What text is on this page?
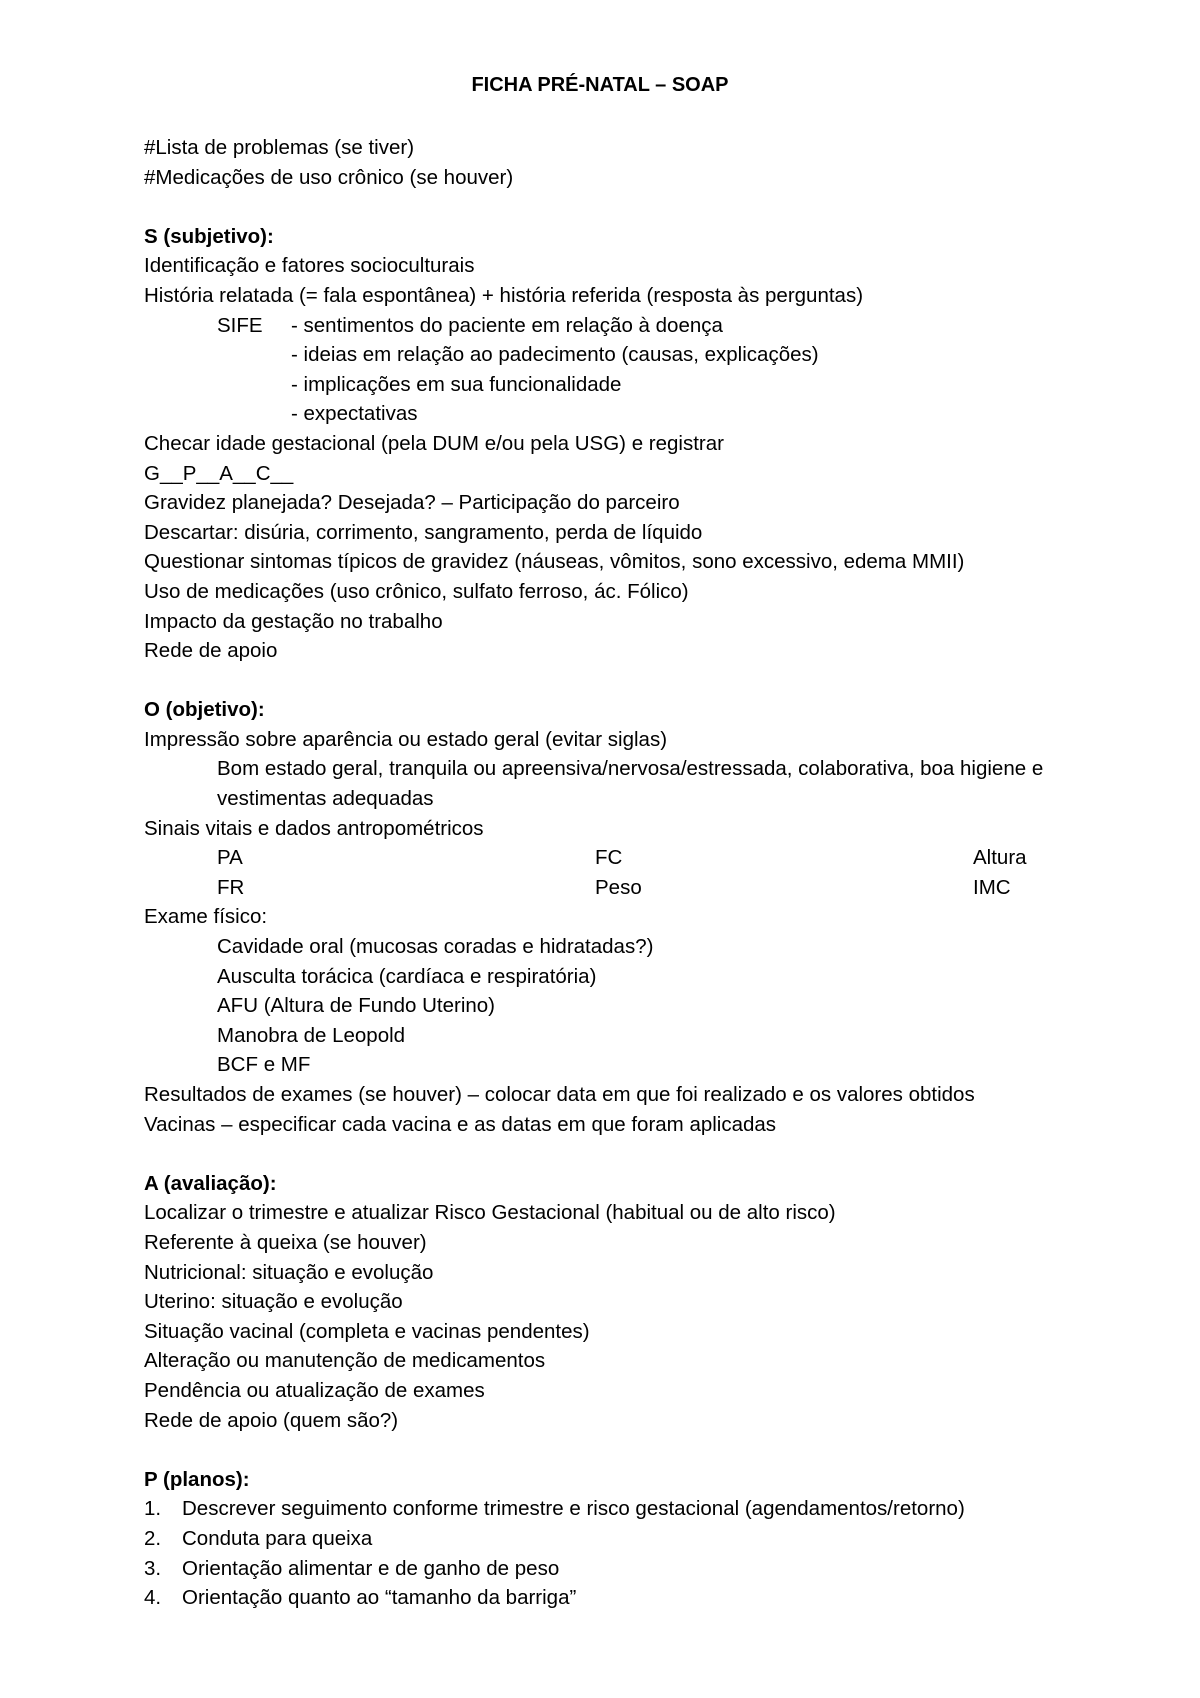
FICHA PRÉ-NATAL – SOAP
#Lista de problemas (se tiver)
#Medicações de uso crônico (se houver)
S (subjetivo):
Identificação e fatores socioculturais
História relatada (= fala espontânea) + história referida (resposta às perguntas)
SIFE	- sentimentos do paciente em relação à doença
- ideias em relação ao padecimento (causas, explicações)
- implicações em sua funcionalidade
- expectativas
Checar idade gestacional (pela DUM e/ou pela USG) e registrar
G__P__A__C__
Gravidez planejada? Desejada? – Participação do parceiro
Descartar: disúria, corrimento, sangramento, perda de líquido
Questionar sintomas típicos de gravidez (náuseas, vômitos, sono excessivo, edema MMII)
Uso de medicações (uso crônico, sulfato ferroso, ác. Fólico)
Impacto da gestação no trabalho
Rede de apoio
O (objetivo):
Impressão sobre aparência ou estado geral (evitar siglas)
Bom estado geral, tranquila ou apreensiva/nervosa/estressada, colaborativa, boa higiene e vestimentas adequadas
Sinais vitais e dados antropométricos
PA	FC	Altura
FR	Peso	IMC
Exame físico:
Cavidade oral (mucosas coradas e hidratadas?)
Ausculta torácica (cardíaca e respiratória)
AFU (Altura de Fundo Uterino)
Manobra de Leopold
BCF e MF
Resultados de exames (se houver) – colocar data em que foi realizado e os valores obtidos
Vacinas – especificar cada vacina e as datas em que foram aplicadas
A (avaliação):
Localizar o trimestre e atualizar Risco Gestacional (habitual ou de alto risco)
Referente à queixa (se houver)
Nutricional: situação e evolução
Uterino: situação e evolução
Situação vacinal (completa e vacinas pendentes)
Alteração ou manutenção de medicamentos
Pendência ou atualização de exames
Rede de apoio (quem são?)
P (planos):
1.	Descrever seguimento conforme trimestre e risco gestacional (agendamentos/retorno)
2.	Conduta para queixa
3.	Orientação alimentar e de ganho de peso
4.	Orientação quanto ao “tamanho da barriga”
